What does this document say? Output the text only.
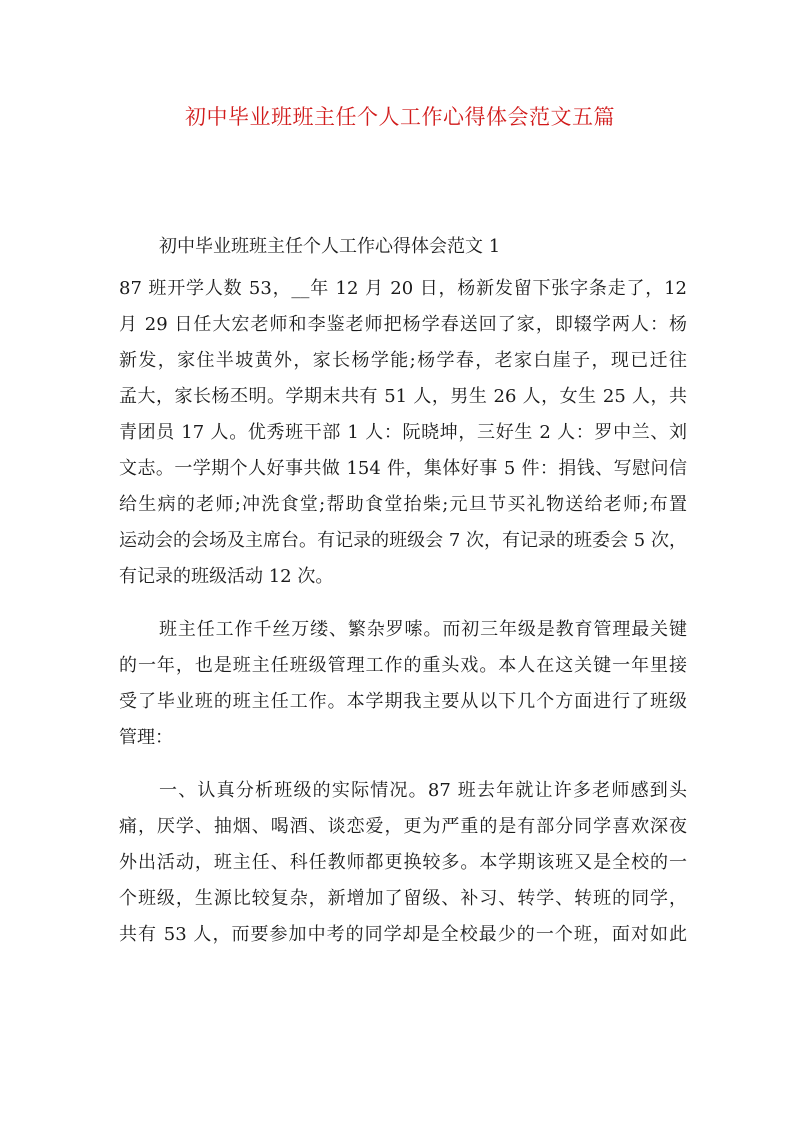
初中毕业班班主任个人工作心得体会范文五篇
初中毕业班班主任个人工作心得体会范文 1
87 班开学人数 53，__年 12 月 20 日，杨新发留下张字条走了，12
月 29 日任大宏老师和李鉴老师把杨学春送回了家，即辍学两人：杨
新发，家住半坡黄外，家长杨学能;杨学春，老家白崖子，现已迁往
孟大，家长杨丕明。学期末共有 51 人，男生 26 人，女生 25 人，共
青团员 17 人。优秀班干部 1 人：阮晓坤，三好生 2 人：罗中兰、刘
文志。一学期个人好事共做 154 件，集体好事 5 件：捐钱、写慰问信
给生病的老师;冲洗食堂;帮助食堂抬柴;元旦节买礼物送给老师;布置
运动会的会场及主席台。有记录的班级会 7 次，有记录的班委会 5 次，
有记录的班级活动 12 次。
班主任工作千丝万缕、繁杂罗嗦。而初三年级是教育管理最关键
的一年，也是班主任班级管理工作的重头戏。本人在这关键一年里接
受了毕业班的班主任工作。本学期我主要从以下几个方面进行了班级
管理：
一、认真分析班级的实际情况。87 班去年就让许多老师感到头
痛，厌学、抽烟、喝酒、谈恋爱，更为严重的是有部分同学喜欢深夜
外出活动，班主任、科任教师都更换较多。本学期该班又是全校的一
个班级，生源比较复杂，新增加了留级、补习、转学、转班的同学，
共有 53 人，而要参加中考的同学却是全校最少的一个班，面对如此
